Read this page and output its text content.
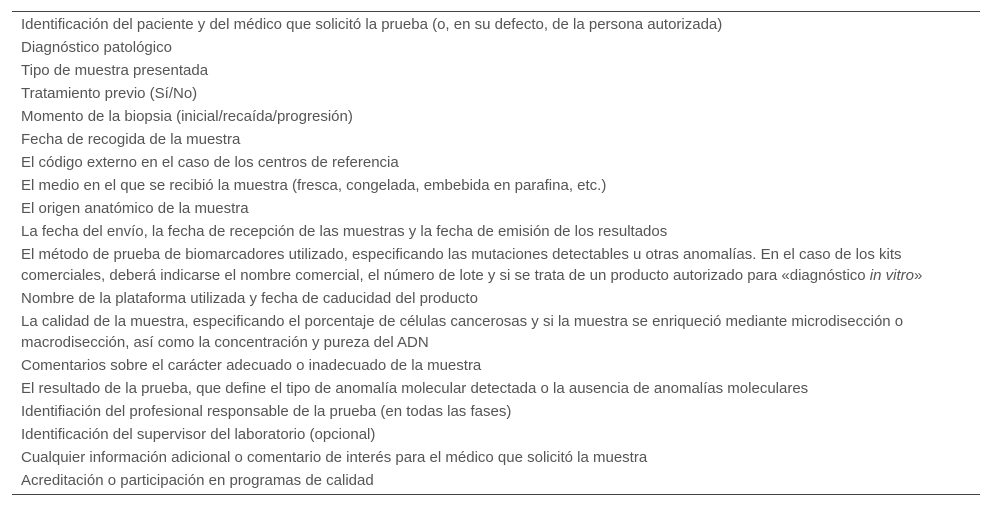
Identificación del paciente y del médico que solicitó la prueba (o, en su defecto, de la persona autorizada)
Diagnóstico patológico
Tipo de muestra presentada
Tratamiento previo (Sí/No)
Momento de la biopsia (inicial/recaída/progresión)
Fecha de recogida de la muestra
El código externo en el caso de los centros de referencia
El medio en el que se recibió la muestra (fresca, congelada, embebida en parafina, etc.)
El origen anatómico de la muestra
La fecha del envío, la fecha de recepción de las muestras y la fecha de emisión de los resultados
El método de prueba de biomarcadores utilizado, especificando las mutaciones detectables u otras anomalías. En el caso de los kits comerciales, deberá indicarse el nombre comercial, el número de lote y si se trata de un producto autorizado para «diagnóstico in vitro»
Nombre de la plataforma utilizada y fecha de caducidad del producto
La calidad de la muestra, especificando el porcentaje de células cancerosas y si la muestra se enriqueció mediante microdisección o macrodisección, así como la concentración y pureza del ADN
Comentarios sobre el carácter adecuado o inadecuado de la muestra
El resultado de la prueba, que define el tipo de anomalía molecular detectada o la ausencia de anomalías moleculares
Identifiación del profesional responsable de la prueba (en todas las fases)
Identificación del supervisor del laboratorio (opcional)
Cualquier información adicional o comentario de interés para el médico que solicitó la muestra
Acreditación o participación en programas de calidad
